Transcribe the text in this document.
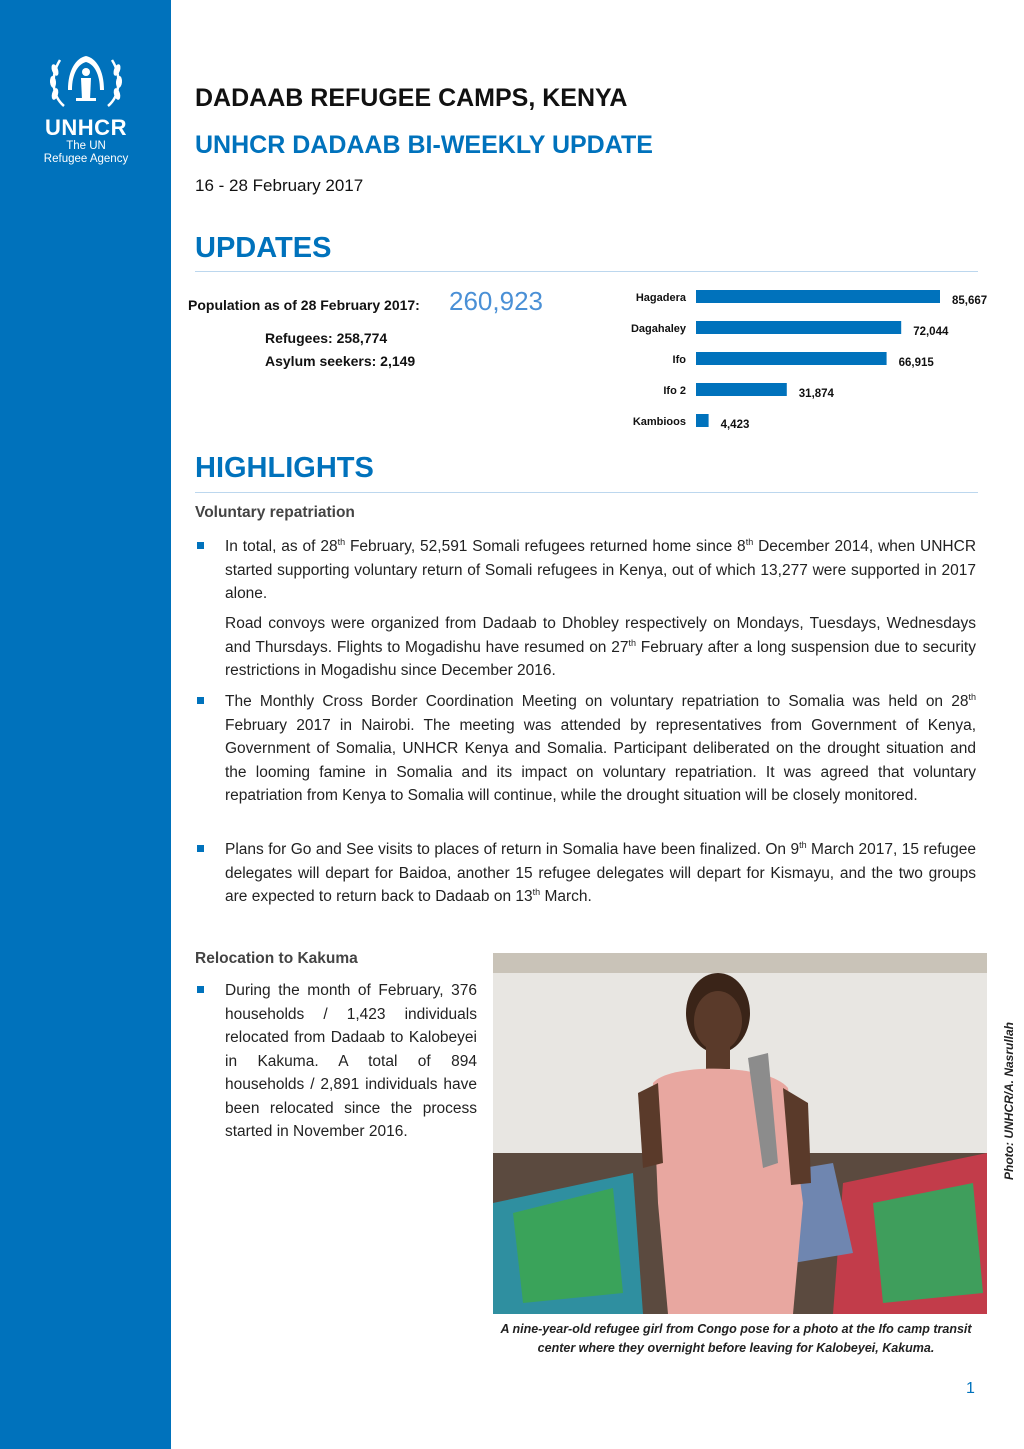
UNHCR
The UN
Refugee Agency
DADAAB REFUGEE CAMPS, KENYA
UNHCR DADAAB BI-WEEKLY UPDATE
16 - 28 February 2017
UPDATES
Population as of 28 February 2017: 260,923
Refugees: 258,774
Asylum seekers: 2,149
Hagadera	85,667
Dagahaley	72,044
Ifo	66,915
Ifo 2	31,874
Kambioos	4,423
HIGHLIGHTS
Voluntary repatriation
In total, as of 28th February, 52,591 Somali refugees returned home since 8th December 2014, when UNHCR started supporting voluntary return of Somali refugees in Kenya, out of which 13,277 were supported in 2017 alone.
Road convoys were organized from Dadaab to Dhobley respectively on Mondays, Tuesdays, Wednesdays and Thursdays. Flights to Mogadishu have resumed on 27th February after a long suspension due to security restrictions in Mogadishu since December 2016.
The Monthly Cross Border Coordination Meeting on voluntary repatriation to Somalia was held on 28th February 2017 in Nairobi. The meeting was attended by representatives from Government of Kenya, Government of Somalia, UNHCR Kenya and Somalia. Participant deliberated on the drought situation and the looming famine in Somalia and its impact on voluntary repatriation. It was agreed that voluntary repatriation from Kenya to Somalia will continue, while the drought situation will be closely monitored.
Plans for Go and See visits to places of return in Somalia have been finalized. On 9th March 2017, 15 refugee delegates will depart for Baidoa, another 15 refugee delegates will depart for Kismayu, and the two groups are expected to return back to Dadaab on 13th March.
Relocation to Kakuma
During the month of February, 376 households / 1,423 individuals relocated from Dadaab to Kalobeyei in Kakuma. A total of 894 households / 2,891 individuals have been relocated since the process started in November 2016.	Photo: UNHCR/A. Nasrullah
A nine-year-old refugee girl from Congo pose for a photo at the Ifo camp transit
center where they overnight before leaving for Kalobeyei, Kakuma.
1
